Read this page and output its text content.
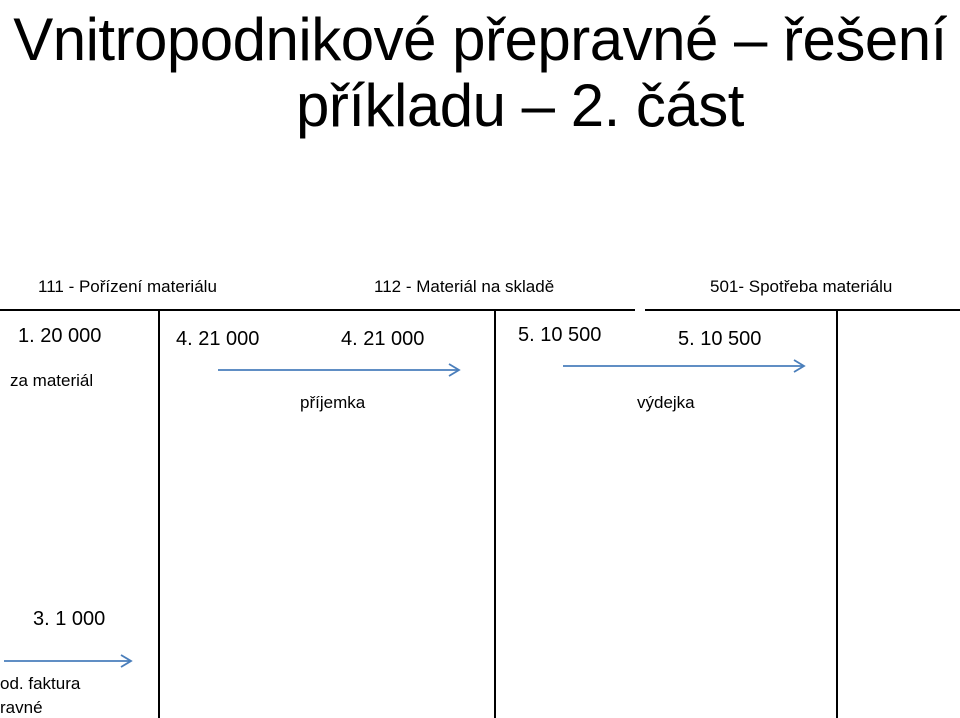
Vnitropodnikové přepravné – řešení
příkladu – 2. část
111 - Pořízení materiálu	112 - Materiál na skladě	501- Spotřeba materiálu
1. 20 000	4. 21 000	4. 21 000	5. 10 500	5. 10 500
3. 1 000
za materiál
příjemka	výdejka
od. faktura
ravné
